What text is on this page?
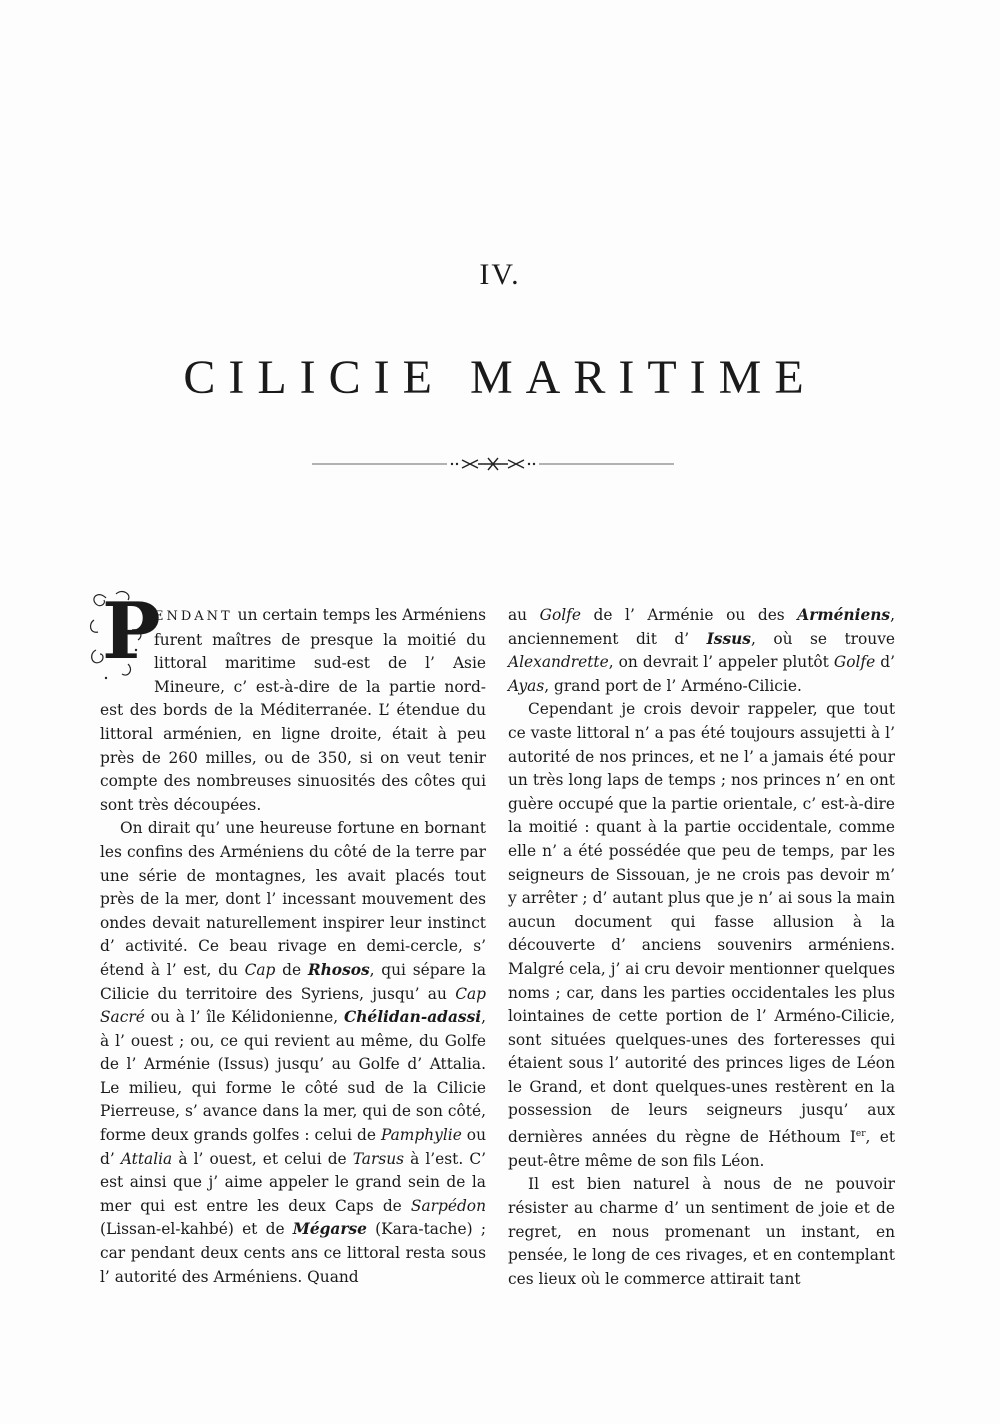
IV.
CILICIE MARITIME

P
ENDANT un certain temps les Arméniens furent maîtres de presque la moitié du littoral maritime sud-est de l’ Asie Mineure, c’ est-à-dire de la partie nord-est des bords de la Méditerranée. L’ étendue du littoral arménien, en ligne droite, était à peu près de 260 milles, ou de 350, si on veut tenir compte des nombreuses sinuosités des côtes qui sont très découpées.

On dirait qu’ une heureuse fortune en bornant les confins des Arméniens du côté de la terre par une série de montagnes, les avait placés tout près de la mer, dont l’ incessant mouvement des ondes devait naturellement inspirer leur instinct d’ activité. Ce beau rivage en demi-cercle, s’ étend à l’ est, du Cap de Rhosos, qui sépare la Cilicie du territoire des Syriens, jusqu’ au Cap Sacré ou à l’ île Kélidonienne, Chélidan-adassi, à l’ ouest ; ou, ce qui revient au même, du Golfe de l’ Arménie (Issus) jusqu’ au Golfe d’ Attalia. Le milieu, qui forme le côté sud de la Cilicie Pierreuse, s’ avance dans la mer, qui de son côté, forme deux grands golfes : celui de Pamphylie ou d’ Attalia à l’ ouest, et celui de Tarsus à l’est. C’ est ainsi que j’ aime appeler le grand sein de la mer qui est entre les deux Caps de Sarpédon (Lissan-el-kahbé) et de Mégarse (Kara-tache) ; car pendant deux cents ans ce littoral resta sous l’ autorité des Arméniens. Quand

au Golfe de l’ Arménie ou des Arméniens, anciennement dit d’ Issus, où se trouve Alexandrette, on devrait l’ appeler plutôt Golfe d’ Ayas, grand port de l’ Arméno-Cilicie.

Cependant je crois devoir rappeler, que tout ce vaste littoral n’ a pas été toujours assujetti à l’ autorité de nos princes, et ne l’ a jamais été pour un très long laps de temps ; nos princes n’ en ont guère occupé que la partie orientale, c’ est-à-dire la moitié : quant à la partie occidentale, comme elle n’ a été possédée que peu de temps, par les seigneurs de Sissouan, je ne crois pas devoir m’ y arrêter ; d’ autant plus que je n’ ai sous la main aucun document qui fasse allusion à la découverte d’ anciens souvenirs arméniens. Malgré cela, j’ ai cru devoir mentionner quelques noms ; car, dans les parties occidentales les plus lointaines de cette portion de l’ Arméno-Cilicie, sont situées quelques-unes des forteresses qui étaient sous l’ autorité des princes liges de Léon le Grand, et dont quelques-unes restèrent en la possession de leurs seigneurs jusqu’ aux dernières années du règne de Héthoum Ier, et peut-être même de son fils Léon.

Il est bien naturel à nous de ne pouvoir résister au charme d’ un sentiment de joie et de regret, en nous promenant un instant, en pensée, le long de ces rivages, et en contemplant ces lieux où le commerce attirait tant
